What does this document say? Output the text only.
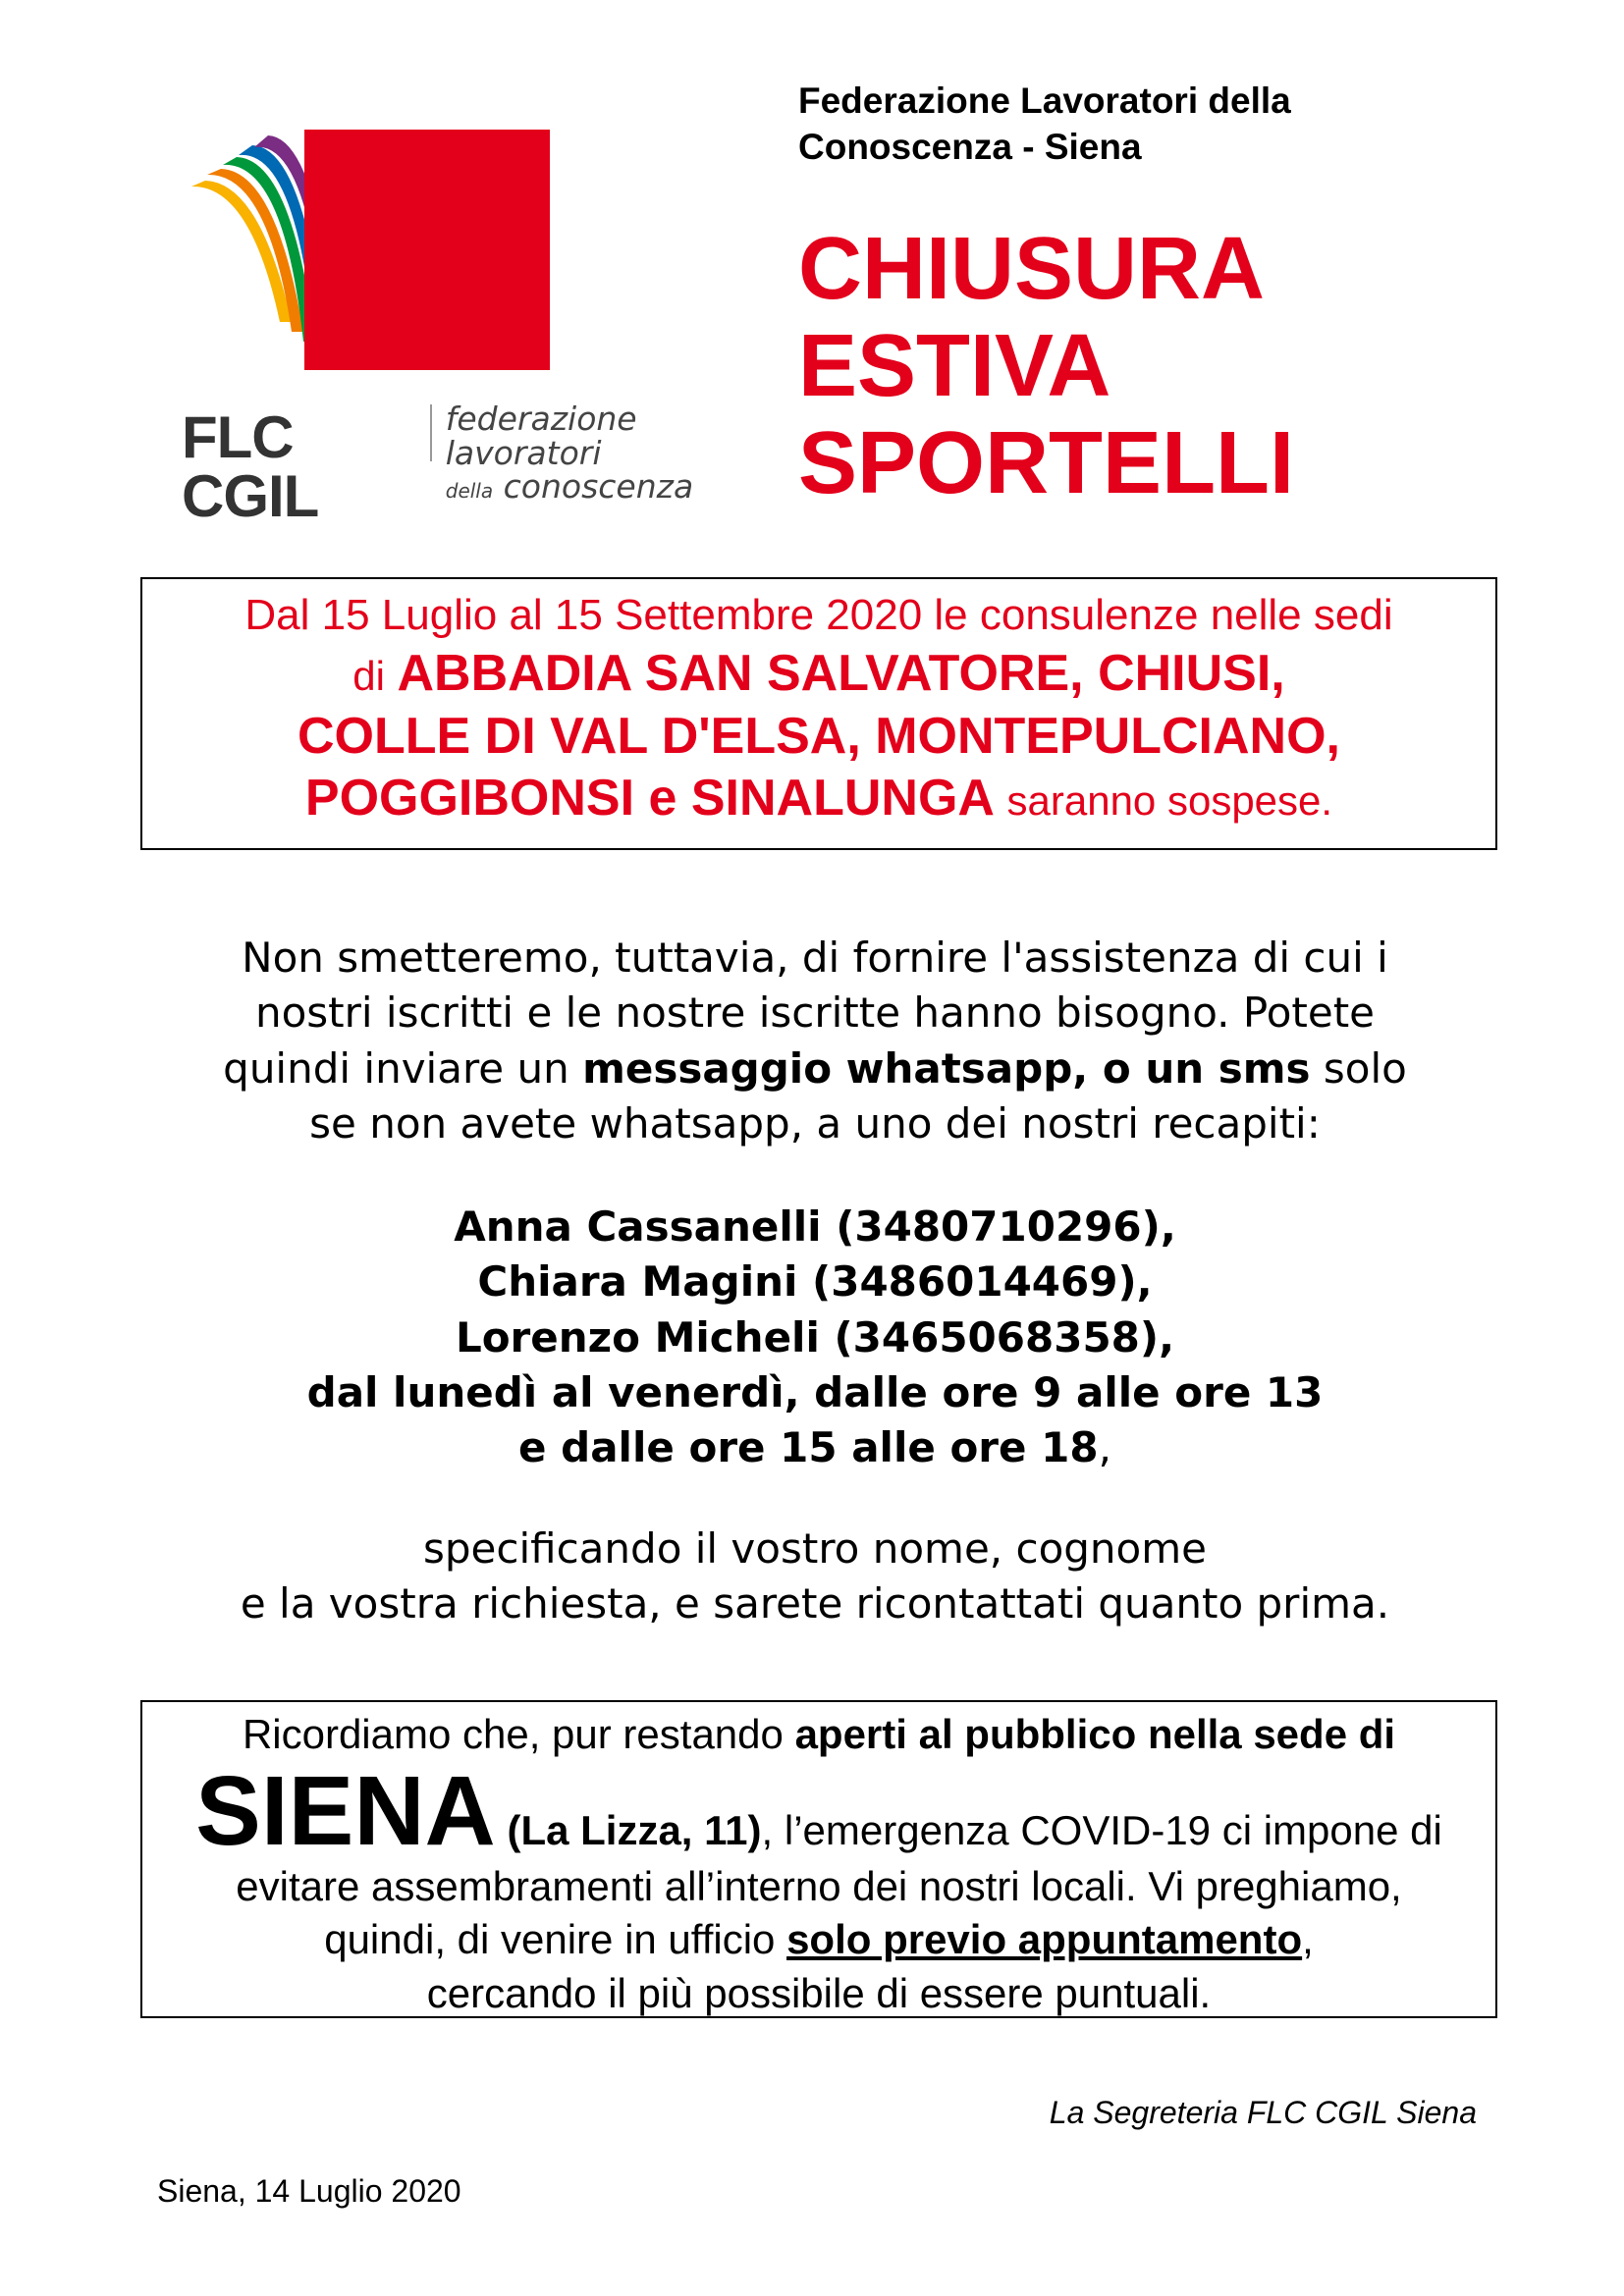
FLC CGIL
federazione lavoratori
della conoscenza
Federazione Lavoratori della
Conoscenza - Siena
CHIUSURA
ESTIVA
SPORTELLI
Dal 15 Luglio al 15 Settembre 2020 le consulenze nelle sedi
di ABBADIA SAN SALVATORE, CHIUSI,
COLLE DI VAL D'ELSA, MONTEPULCIANO,
POGGIBONSI e SINALUNGA saranno sospese.
Non smetteremo, tuttavia, di fornire l'assistenza di cui i
nostri iscritti e le nostre iscritte hanno bisogno. Potete
quindi inviare un messaggio whatsapp, o un sms solo
se non avete whatsapp, a uno dei nostri recapiti:
Anna Cassanelli (3480710296),
Chiara Magini (3486014469),
Lorenzo Micheli (3465068358),
dal lunedì al venerdì, dalle ore 9 alle ore 13
e dalle ore 15 alle ore 18,
specificando il vostro nome, cognome
e la vostra richiesta, e sarete ricontattati quanto prima.
Ricordiamo che, pur restando aperti al pubblico nella sede di
SIENA (La Lizza, 11), l’emergenza COVID-19 ci impone di
evitare assembramenti all’interno dei nostri locali. Vi preghiamo,
quindi, di venire in ufficio solo previo appuntamento,
cercando il più possibile di essere puntuali.
La Segreteria FLC CGIL Siena
Siena, 14 Luglio 2020
